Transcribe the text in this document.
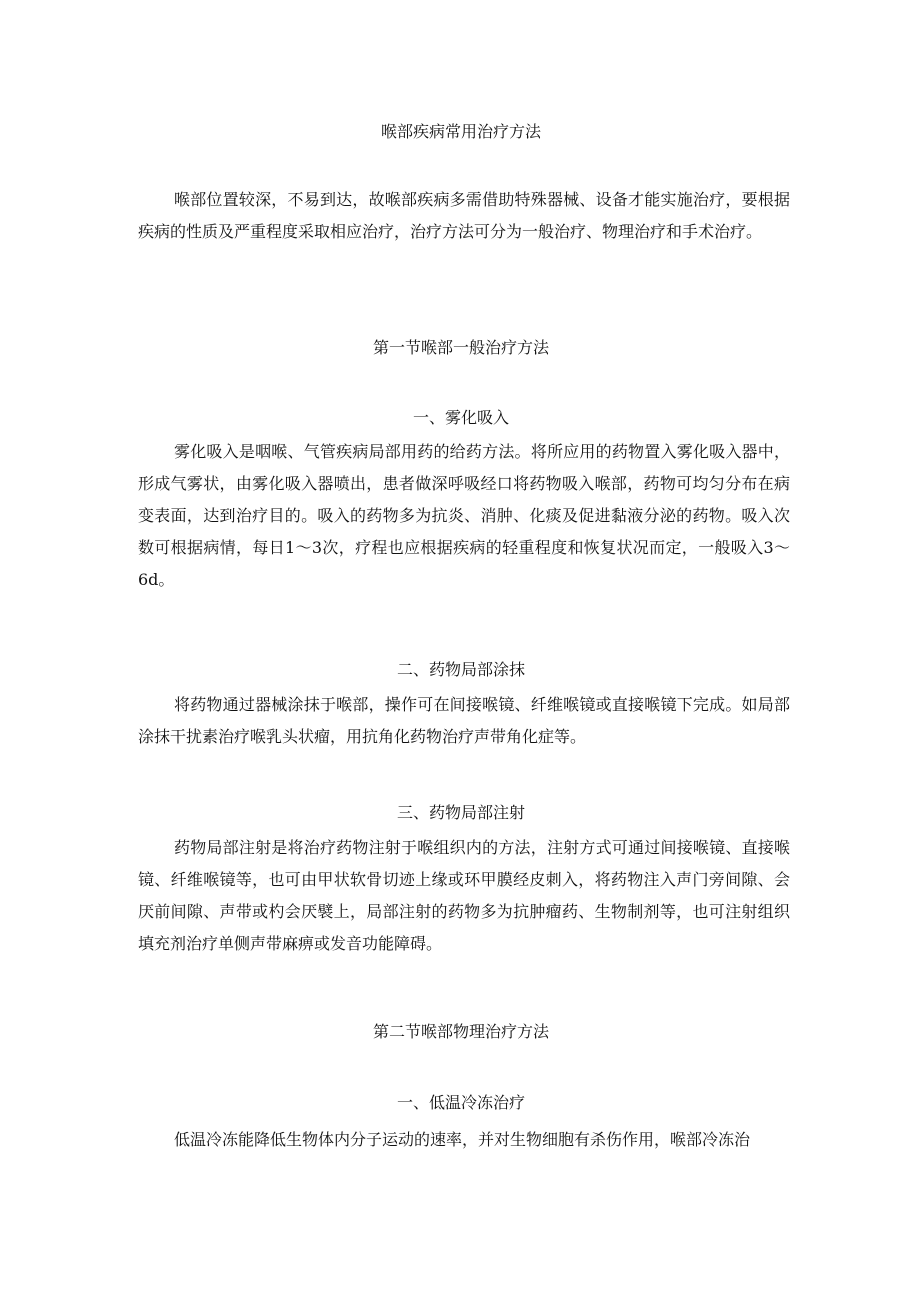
喉部疾病常用治疗方法

喉部位置较深，不易到达，故喉部疾病多需借助特殊器械、设备才能实施治疗，要根据疾病的性质及严重程度采取相应治疗，治疗方法可分为一般治疗、物理治疗和手术治疗。

第一节喉部一般治疗方法
一、雾化吸入

雾化吸入是咽喉、气管疾病局部用药的给药方法。将所应用的药物置入雾化吸入器中，形成气雾状，由雾化吸入器喷出，患者做深呼吸经口将药物吸入喉部，药物可均匀分布在病变表面，达到治疗目的。吸入的药物多为抗炎、消肿、化痰及促进黏液分泌的药物。吸入次数可根据病情，每日1～3次，疗程也应根据疾病的轻重程度和恢复状况而定，一般吸入3～6d。

二、药物局部涂抹

将药物通过器械涂抹于喉部，操作可在间接喉镜、纤维喉镜或直接喉镜下完成。如局部涂抹干扰素治疗喉乳头状瘤，用抗角化药物治疗声带角化症等。

三、药物局部注射

药物局部注射是将治疗药物注射于喉组织内的方法，注射方式可通过间接喉镜、直接喉镜、纤维喉镜等，也可由甲状软骨切迹上缘或环甲膜经皮刺入，将药物注入声门旁间隙、会厌前间隙、声带或杓会厌襞上，局部注射的药物多为抗肿瘤药、生物制剂等，也可注射组织填充剂治疗单侧声带麻痹或发音功能障碍。

第二节喉部物理治疗方法
一、低温冷冻治疗

低温冷冻能降低生物体内分子运动的速率，并对生物细胞有杀伤作用，喉部冷冻治
